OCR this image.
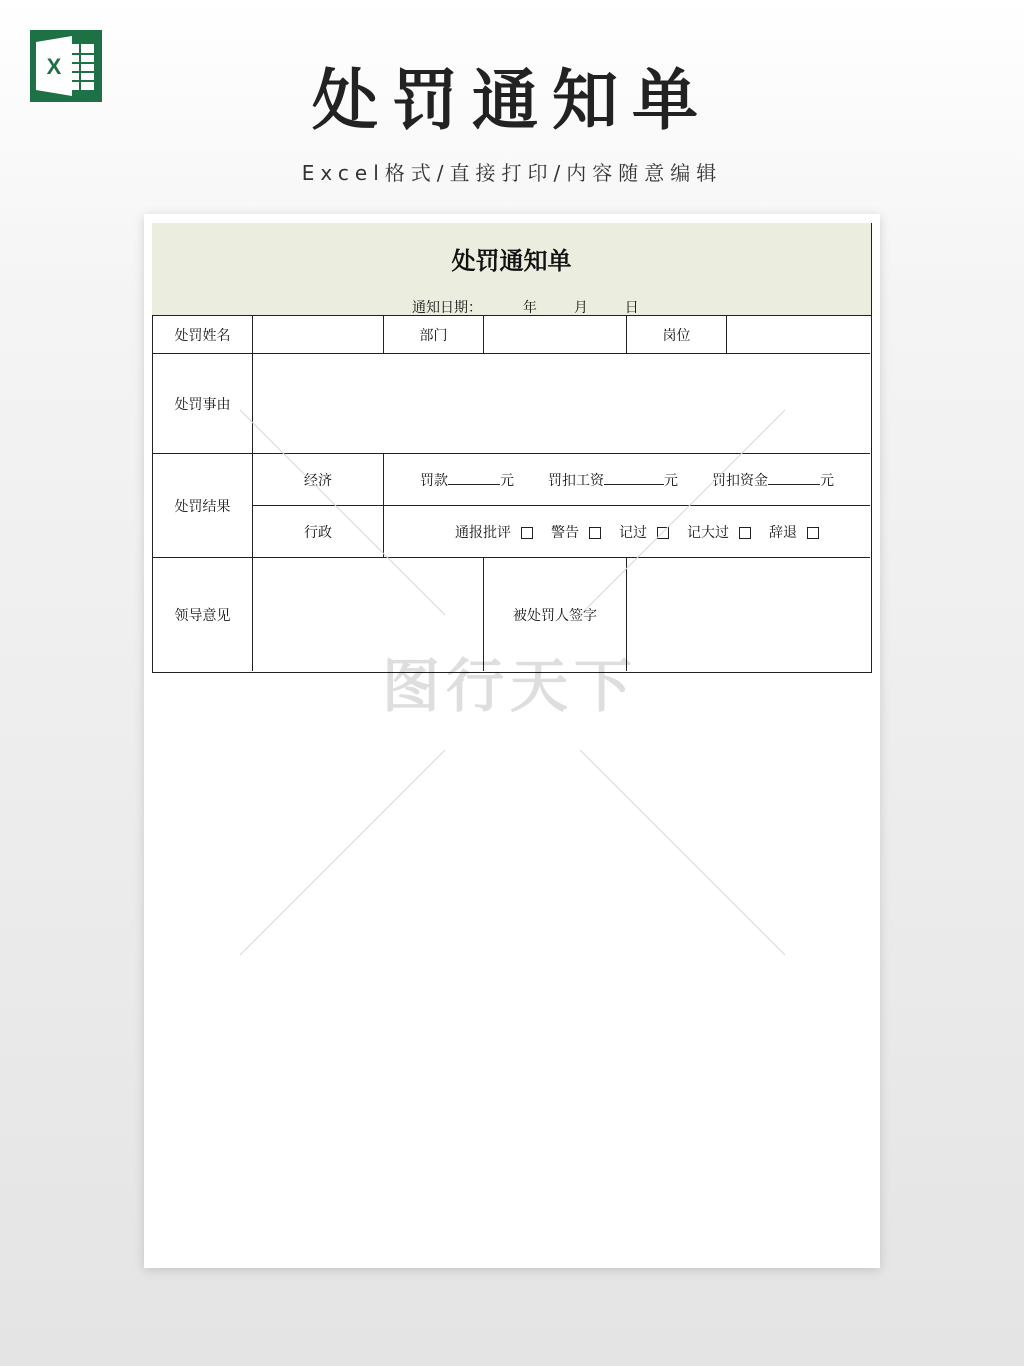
X	处罚通知单
Excel格式/直接打印/内容随意编辑
处罚通知单
通知日期：	年	月	日
处罚姓名	部门	岗位
处罚事由
处罚结果
经济	罚款	元 罚扣工资	元 罚扣资金	元
行政	通报批评	警告	记过	记大过	辞退
领导意见	被处罚人签字
